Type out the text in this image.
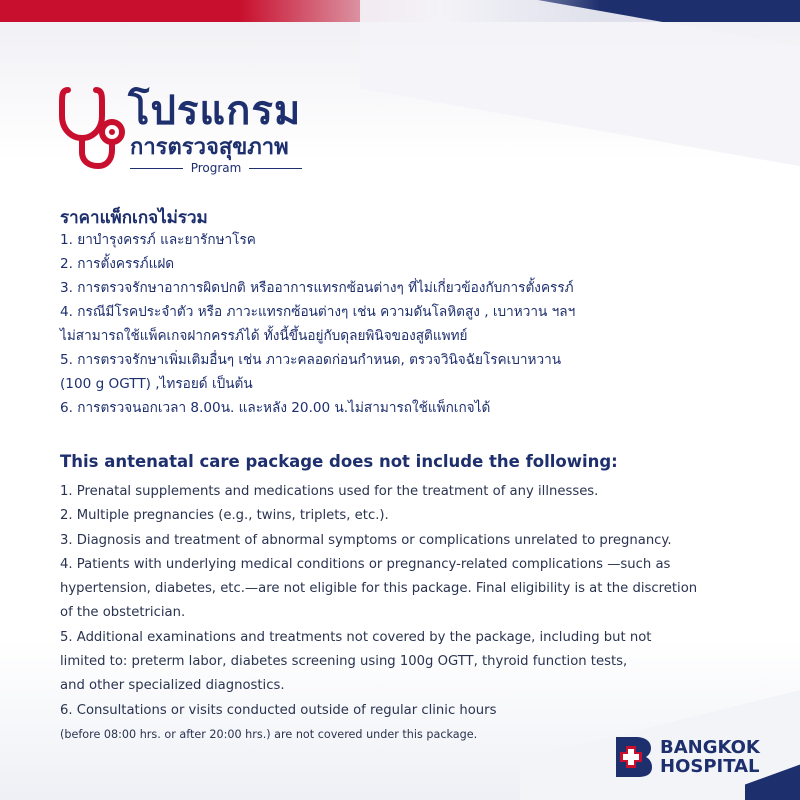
โปรแกรม
การตรวจสุขภาพ
Program
ราคาแพ็กเกจไม่รวม
1. ยาบำรุงครรภ์ และยารักษาโรค
2. การตั้งครรภ์แฝด
3. การตรวจรักษาอาการผิดปกติ หรืออาการแทรกซ้อนต่างๆ ที่ไม่เกี่ยวข้องกับการตั้งครรภ์
4. กรณีมีโรคประจำตัว หรือ ภาวะแทรกซ้อนต่างๆ เช่น ความดันโลหิตสูง , เบาหวาน ฯลฯ
ไม่สามารถใช้แพ็คเกจฝากครรภ์ได้ ทั้งนี้ขึ้นอยู่กับดุลยพินิจของสูติแพทย์
5. การตรวจรักษาเพิ่มเติมอื่นๆ เช่น ภาวะคลอดก่อนกำหนด, ตรวจวินิจฉัยโรคเบาหวาน
(100 g OGTT) ,ไทรอยด์ เป็นต้น
6. การตรวจนอกเวลา 8.00น. และหลัง 20.00 น.ไม่สามารถใช้แพ็กเกจได้
This antenatal care package does not include the following:
1. Prenatal supplements and medications used for the treatment of any illnesses.
2. Multiple pregnancies (e.g., twins, triplets, etc.).
3. Diagnosis and treatment of abnormal symptoms or complications unrelated to pregnancy.
4. Patients with underlying medical conditions or pregnancy-related complications —such as
hypertension, diabetes, etc.—are not eligible for this package. Final eligibility is at the discretion
of the obstetrician.
5. Additional examinations and treatments not covered by the package, including but not
limited to: preterm labor, diabetes screening using 100g OGTT, thyroid function tests,
and other specialized diagnostics.
6. Consultations or visits conducted outside of regular clinic hours
(before 08:00 hrs. or after 20:00 hrs.) are not covered under this package.
BANGKOK
HOSPITAL
